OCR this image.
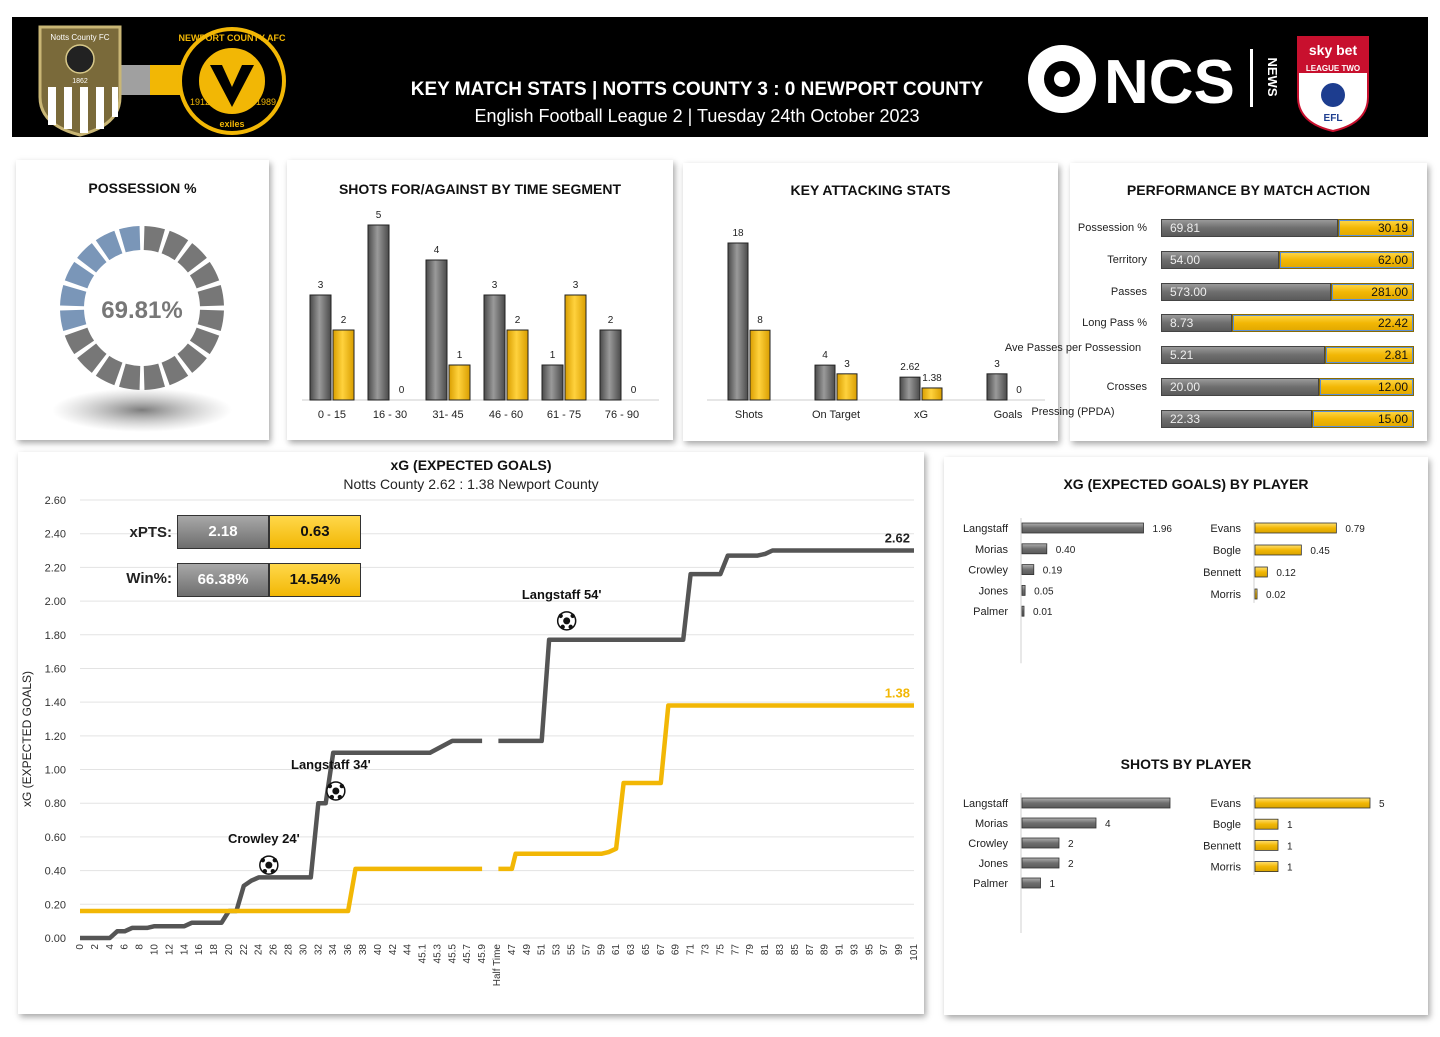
Notts County FC
1862
NEWPORT COUNTY AFC
1912	1989
exiles
NCS NEWS
sky bet
LEAGUE TWO
EFL
KEY MATCH STATS | NOTTS COUNTY 3 : 0 NEWPORT COUNTY
English Football League 2 | Tuesday 24th October 2023
POSSESSION %
69.81%
SHOTS FOR/AGAINST BY TIME SEGMENT
3
2
0 - 15
5
0
16 - 30
4
1
31- 45
3
2
46 - 60
1
3
61 - 75
2
0
76 - 90
KEY ATTACKING STATS
18
8
Shots
4
3
On Target
2.62
1.38
xG
3
0
Goals
PERFORMANCE BY MATCH ACTION
Possession % 69.81	30.19
Territory 54.00	62.00
Passes 573.00	281.00
Long Pass % 8.73	22.42
Ave Passes per Possession 5.21	2.81
Crosses 20.00	12.00
Pressing (PPDA)	22.33	15.00
xG (EXPECTED GOALS)
Notts County 2.62 : 1.38 Newport County
0.00
0.20
0.40
0.60
0.80
1.00
1.20
1.40
1.60
1.80
2.00
2.20
2.40
2.60
0 2 4 6 8 10 12 14 16 18 20 22 24 26 28 30 32 34 36 38 40 42 44 45.1 45.3 45.5 45.7 45.9 Half Time 47 49 51 53 55 57 59 61 63 65 67 69 71 73 75 77 79 81 83 85 87 89 91 93 95 97 99 101
xG (EXPECTED GOALS)
2.62
1.38
Crowley 24'
Langstaff 34'
Langstaff 54'
xPTS:	2.18	0.63
Win%:	66.38%	14.54%
XG (EXPECTED GOALS) BY PLAYER
SHOTS BY PLAYER
Langstaff	1.96
Morias	0.40
Crowley	0.19
Jones	0.05
Palmer	0.01
Evans	0.79
Bogle	0.45
Bennett	0.12
Morris	0.02
Langstaff
Morias	4
Crowley	2
Jones	2
Palmer	1
Evans	5
Bogle	1
Bennett	1
Morris	1
